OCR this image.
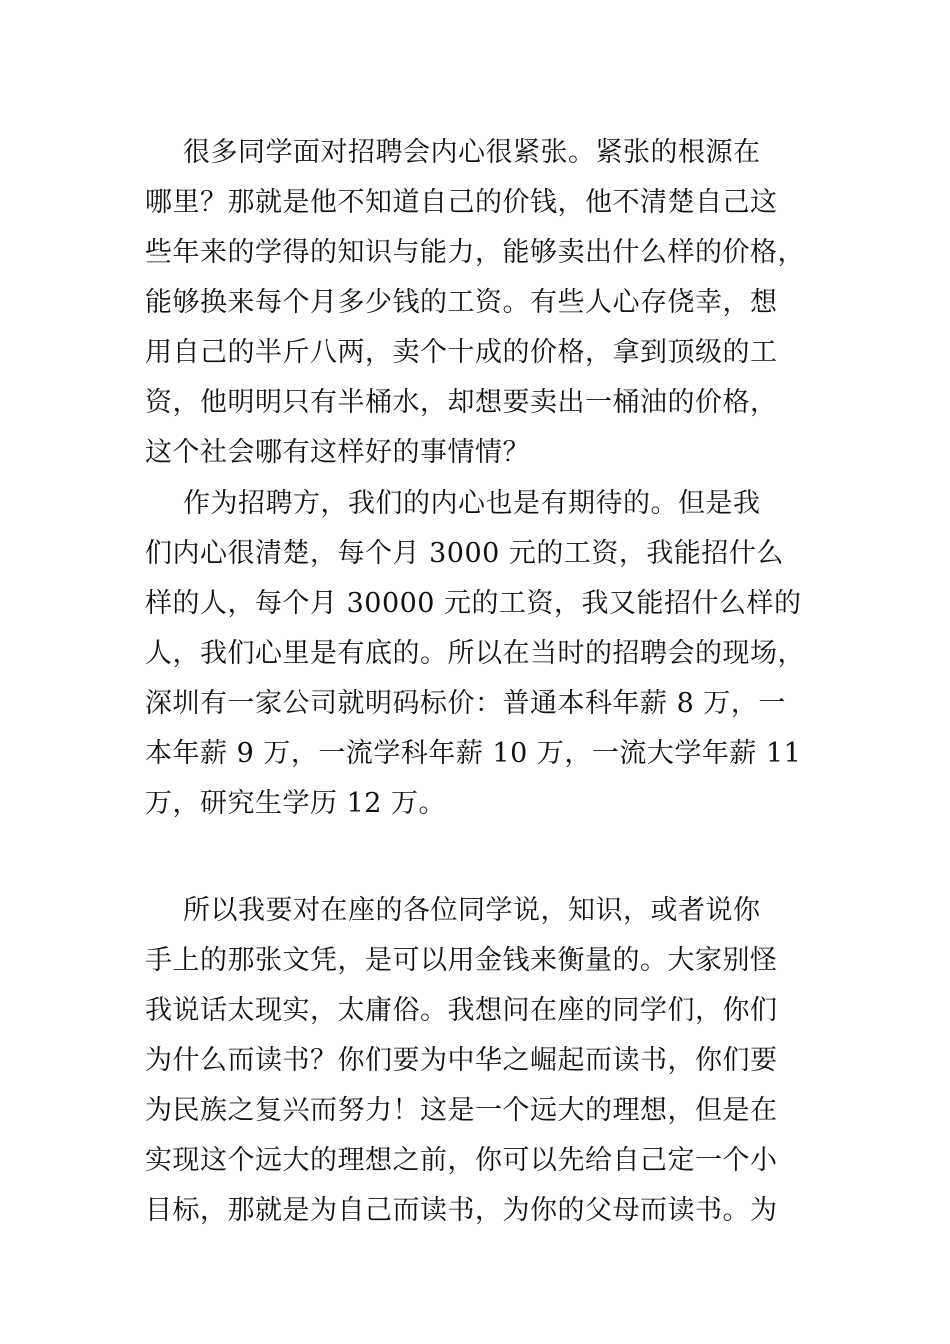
很多同学面对招聘会内心很紧张。紧张的根源在
哪里？那就是他不知道自己的价钱，他不清楚自己这
些年来的学得的知识与能力，能够卖出什么样的价格，
能够换来每个月多少钱的工资。有些人心存侥幸，想
用自己的半斤八两，卖个十成的价格，拿到顶级的工
资，他明明只有半桶水，却想要卖出一桶油的价格，
这个社会哪有这样好的事情情？
作为招聘方，我们的内心也是有期待的。但是我
们内心很清楚，每个月 3000 元的工资，我能招什么
样的人，每个月 30000 元的工资，我又能招什么样的
人，我们心里是有底的。所以在当时的招聘会的现场，
深圳有一家公司就明码标价：普通本科年薪 8 万，一
本年薪 9 万，一流学科年薪 10 万，一流大学年薪 11
万，研究生学历 12 万。
所以我要对在座的各位同学说，知识，或者说你
手上的那张文凭，是可以用金钱来衡量的。大家别怪
我说话太现实，太庸俗。我想问在座的同学们，你们
为什么而读书？你们要为中华之崛起而读书，你们要
为民族之复兴而努力！这是一个远大的理想，但是在
实现这个远大的理想之前，你可以先给自己定一个小
目标，那就是为自己而读书，为你的父母而读书。为
